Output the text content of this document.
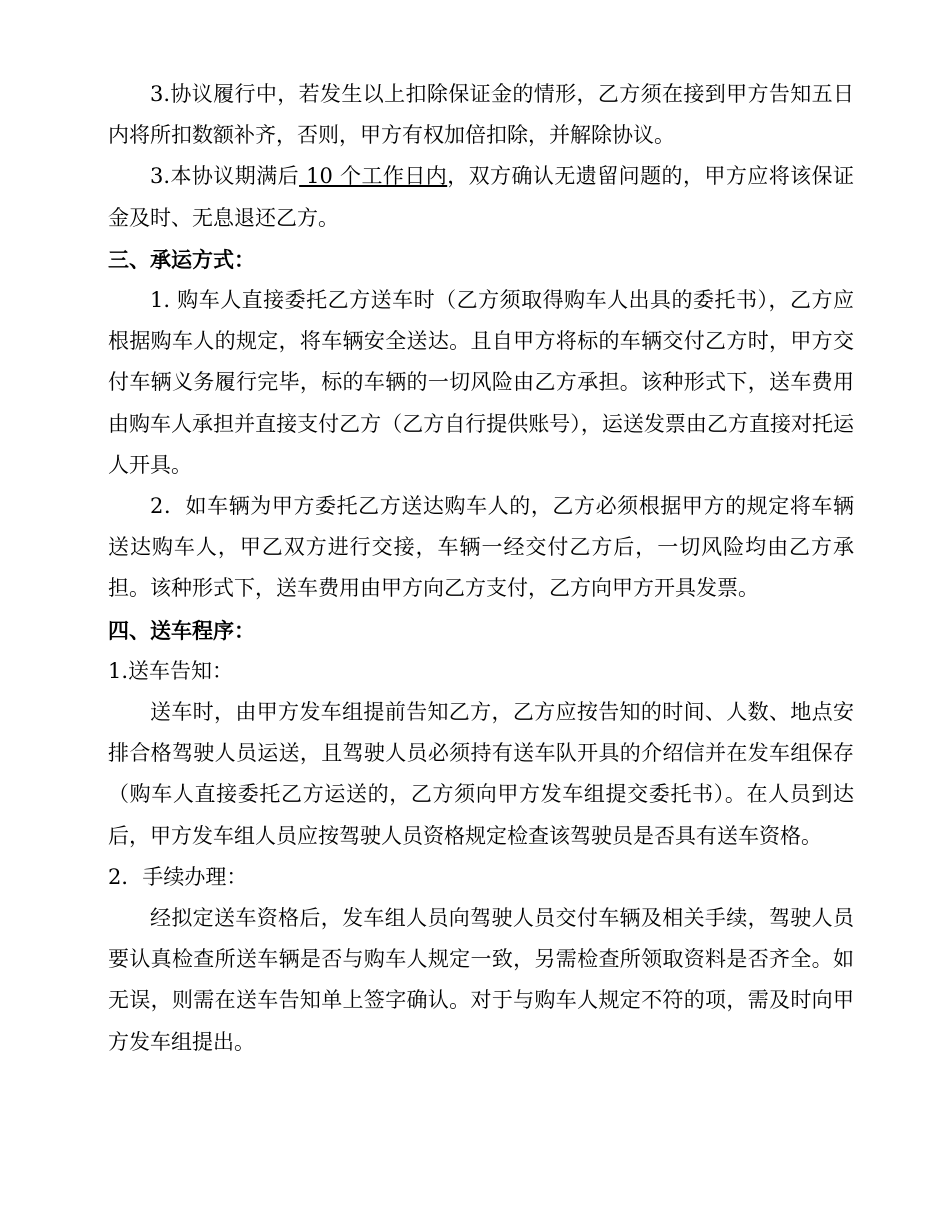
3.协议履行中，若发生以上扣除保证金的情形，乙方须在接到甲方告知五日内将所扣数额补齐，否则，甲方有权加倍扣除，并解除协议。

3.本协议期满后 10 个工作日内，双方确认无遗留问题的，甲方应将该保证金及时、无息退还乙方。

三、承运方式：

1. 购车人直接委托乙方送车时（乙方须取得购车人出具的委托书），乙方应根据购车人的规定，将车辆安全送达。且自甲方将标的车辆交付乙方时，甲方交付车辆义务履行完毕，标的车辆的一切风险由乙方承担。该种形式下，送车费用由购车人承担并直接支付乙方（乙方自行提供账号），运送发票由乙方直接对托运人开具。

2．如车辆为甲方委托乙方送达购车人的，乙方必须根据甲方的规定将车辆送达购车人，甲乙双方进行交接，车辆一经交付乙方后，一切风险均由乙方承担。该种形式下，送车费用由甲方向乙方支付，乙方向甲方开具发票。

四、送车程序：

1.送车告知：

送车时，由甲方发车组提前告知乙方，乙方应按告知的时间、人数、地点安排合格驾驶人员运送，且驾驶人员必须持有送车队开具的介绍信并在发车组保存（购车人直接委托乙方运送的，乙方须向甲方发车组提交委托书）。在人员到达后，甲方发车组人员应按驾驶人员资格规定检查该驾驶员是否具有送车资格。

2．手续办理：

经拟定送车资格后，发车组人员向驾驶人员交付车辆及相关手续，驾驶人员要认真检查所送车辆是否与购车人规定一致，另需检查所领取资料是否齐全。如无误，则需在送车告知单上签字确认。对于与购车人规定不符的项，需及时向甲方发车组提出。
